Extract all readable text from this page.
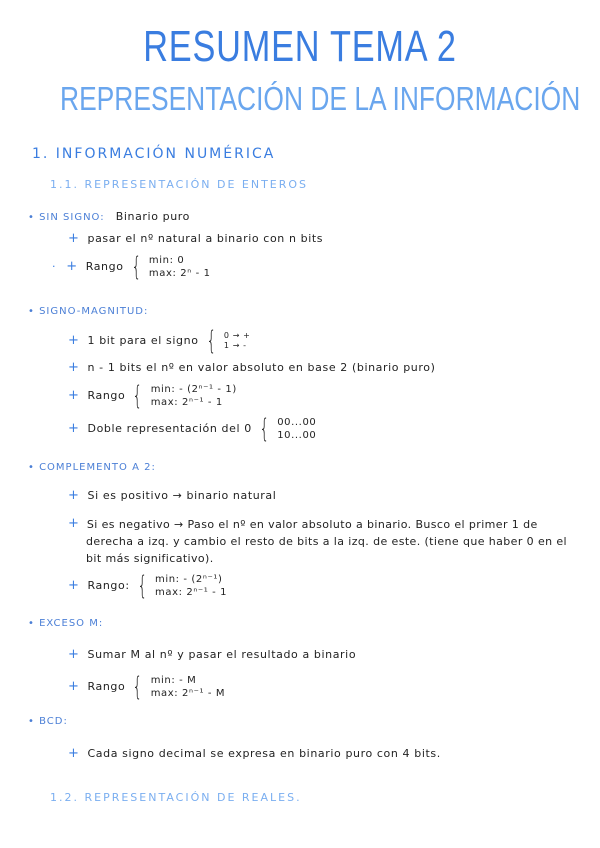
RESUMEN TEMA 2
REPRESENTACIÓN DE LA INFORMACIÓN
1. INFORMACIÓN NUMÉRICA
1.1. REPRESENTACIÓN DE ENTEROS
• SIN SIGNO: Binario puro
+ pasar el nº natural a binario con n bits
· + Rango { min: 0
max: 2ⁿ - 1
• SIGNO-MAGNITUD:
+ 1 bit para el signo { 0 → +
1 → -
+ n - 1 bits el nº en valor absoluto en base 2 (binario puro)
+ Rango { min: - (2ⁿ⁻¹ - 1)
max: 2ⁿ⁻¹ - 1
+ Doble representación del 0 { 00...00
10...00
• COMPLEMENTO A 2:
+ Si es positivo → binario natural
+ Si es negativo → Paso el nº en valor absoluto a binario. Busco el primer 1 de derecha a izq. y cambio el resto de bits a la izq. de este. (tiene que haber 0 en el bit más significativo).
+ Rango: { min: - (2ⁿ⁻¹)
max: 2ⁿ⁻¹ - 1
• EXCESO M:
+ Sumar M al nº y pasar el resultado a binario
+ Rango { min: - M
max: 2ⁿ⁻¹ - M
• BCD:
+ Cada signo decimal se expresa en binario puro con 4 bits.
1.2. REPRESENTACIÓN DE REALES.
